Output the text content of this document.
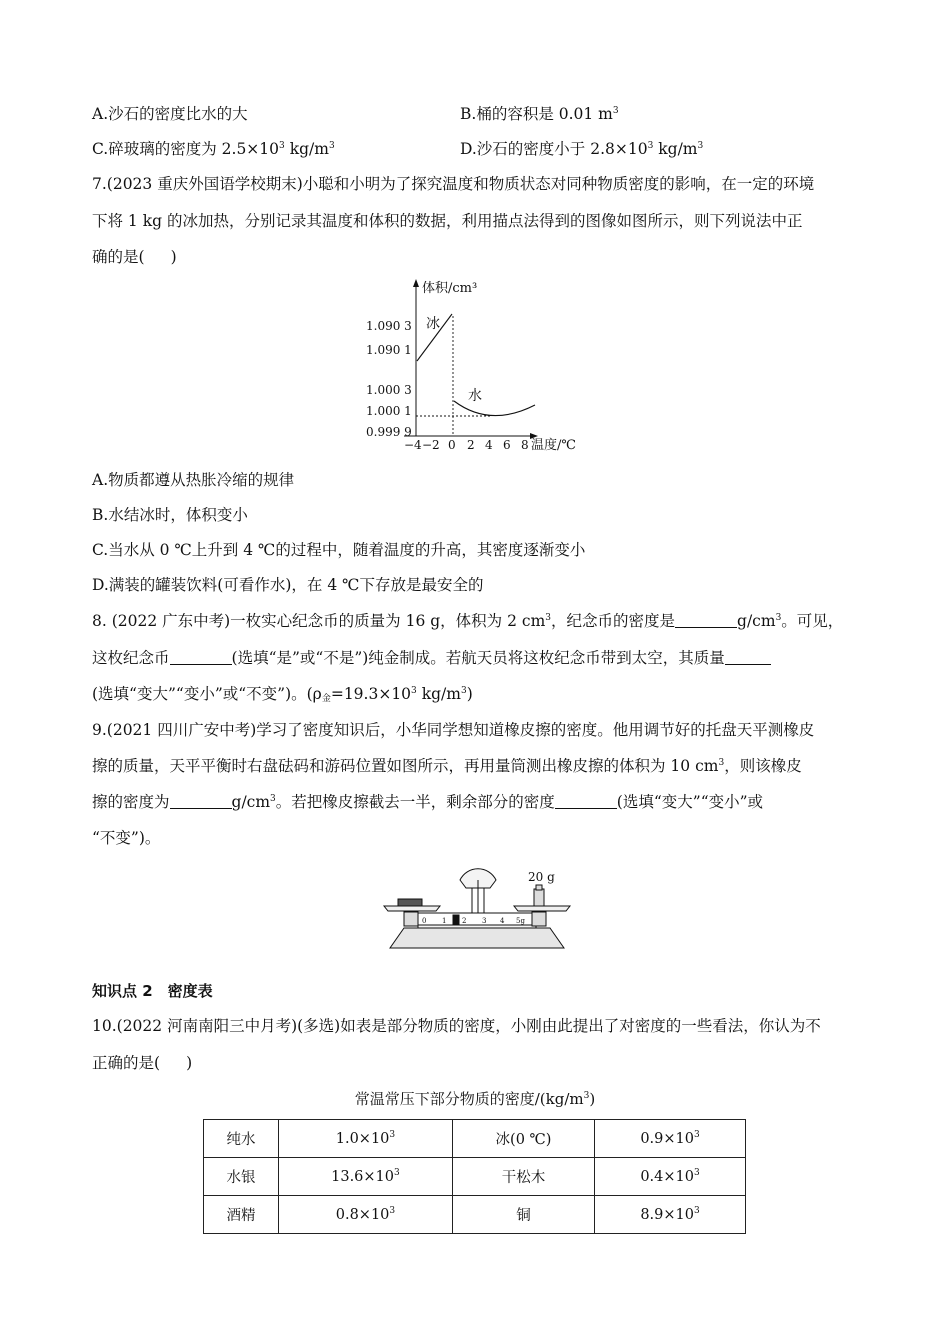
A.沙石的密度比水的大	B.桶的容积是 0.01 $m^3$
C.碎玻璃的密度为 $2.5\times 10^3$ $kg/m^3$	D.沙石的密度小于 $2.8\times 10^3$ $kg/m^3$
7.(2023 重庆外国语学校期末)小聪和小明为了探究温度和物质状态对同种物质密度的影响，在一定的环境
下将 1 kg 的冰加热，分别记录其温度和体积的数据，利用描点法得到的图像如图所示，则下列说法中正
确的是( )
体积/cm³
温度/℃
冰
水
1.090 3
1.090 1
1.000 3
1.000 1
0.999 9
−4 −2 0 2 4 6 8
A.物质都遵从热胀冷缩的规律
B.水结冰时，体积变小
C.当水从 0 ℃上升到 4 ℃的过程中，随着温度的升高，其密度逐渐变小
D.满装的罐装饮料(可看作水)，在 4 ℃下存放是最安全的
8. (2022 广东中考)一枚实心纪念币的质量为 16 g，体积为 2 $cm^3$，纪念币的密度是	$g/cm^3$。可见，
这枚纪念币	(选填“是”或“不是”)纯金制成。若航天员将这枚纪念币带到太空，其质量
(选填“变大”“变小”或“不变”)。($\rho_金=19.3\times 10^3$ $kg/m^3$)
9.(2021 四川广安中考)学习了密度知识后，小华同学想知道橡皮擦的密度。他用调节好的托盘天平测橡皮
擦的质量，天平平衡时右盘砝码和游码位置如图所示，再用量筒测出橡皮擦的体积为 10 $cm^3$，则该橡皮
擦的密度为	$g/cm^3$。若把橡皮擦截去一半，剩余部分的密度	(选填“变大”“变小”或
“不变”)。
20 g
0 1 2 3 4 5g
知识点 2　密度表
10.(2022 河南南阳三中月考)(多选)如表是部分物质的密度，小刚由此提出了对密度的一些看法，你认为不
正确的是( )
常温常压下部分物质的密度$/(kg/m^3)$
纯水	$1.0\times 10^3$	冰(0 ℃)	$0.9\times 10^3$
水银	$13.6\times 10^3$	干松木	$0.4\times 10^3$
酒精	$0.8\times 10^3$	铜	$8.9\times 10^3$
